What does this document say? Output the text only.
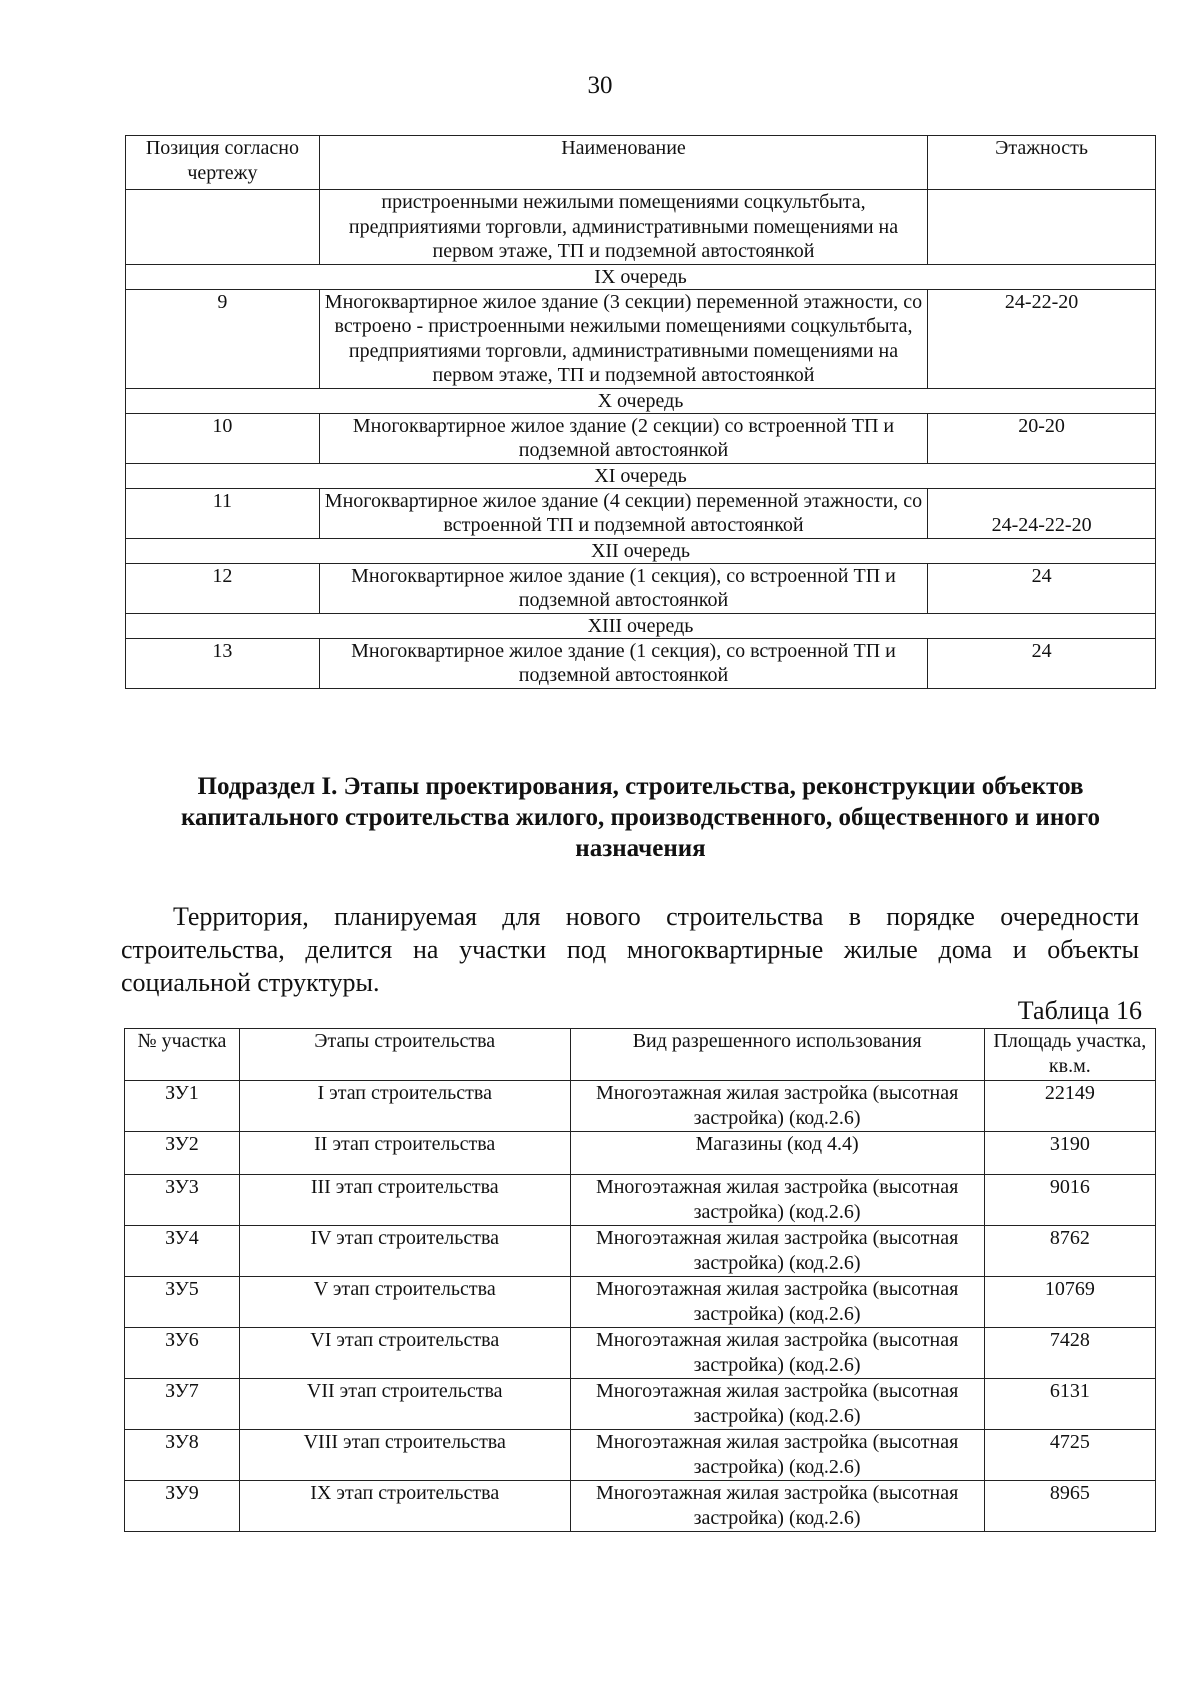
30
Позиция согласно чертежу	Наименование	Этажность
	пристроенными нежилыми помещениями соцкультбыта, предприятиями торговли, административными помещениями на первом этаже, ТП и подземной автостоянкой	
IX очередь		
9	Многоквартирное жилое здание (3 секции) переменной этажности, со встроено - пристроенными нежилыми помещениями соцкультбыта, предприятиями торговли, административными помещениями на первом этаже, ТП и подземной автостоянкой	24-22-20
X очередь		
10	Многоквартирное жилое здание (2 секции) со встроенной ТП и подземной автостоянкой	20-20
XI очередь		
11	Многоквартирное жилое здание (4 секции) переменной этажности, со встроенной ТП и подземной автостоянкой	24-24-22-20
XII очередь		
12	Многоквартирное жилое здание (1 секция), со встроенной ТП и подземной автостоянкой	24
XIII очередь		
13	Многоквартирное жилое здание (1 секция), со встроенной ТП и подземной автостоянкой	24
Подраздел I. Этапы проектирования, строительства, реконструкции объектов капитального строительства жилого, производственного, общественного и иного назначения
Территория, планируемая для нового строительства в порядке очередности строительства, делится на участки под многоквартирные жилые дома и объекты социальной структуры.
Таблица 16
№ участка	Этапы строительства	Вид разрешенного использования	Площадь участка, кв.м.
ЗУ1	I этап строительства	Многоэтажная жилая застройка (высотная застройка) (код.2.6)	22149
ЗУ2	II этап строительства	Магазины (код 4.4)	3190
ЗУ3	III этап строительства	Многоэтажная жилая застройка (высотная застройка) (код.2.6)	9016
ЗУ4	IV этап строительства	Многоэтажная жилая застройка (высотная застройка) (код.2.6)	8762
ЗУ5	V этап строительства	Многоэтажная жилая застройка (высотная застройка) (код.2.6)	10769
ЗУ6	VI этап строительства	Многоэтажная жилая застройка (высотная застройка) (код.2.6)	7428
ЗУ7	VII этап строительства	Многоэтажная жилая застройка (высотная застройка) (код.2.6)	6131
ЗУ8	VIII этап строительства	Многоэтажная жилая застройка (высотная застройка) (код.2.6)	4725
ЗУ9	IX этап строительства	Многоэтажная жилая застройка (высотная застройка) (код.2.6)	8965
